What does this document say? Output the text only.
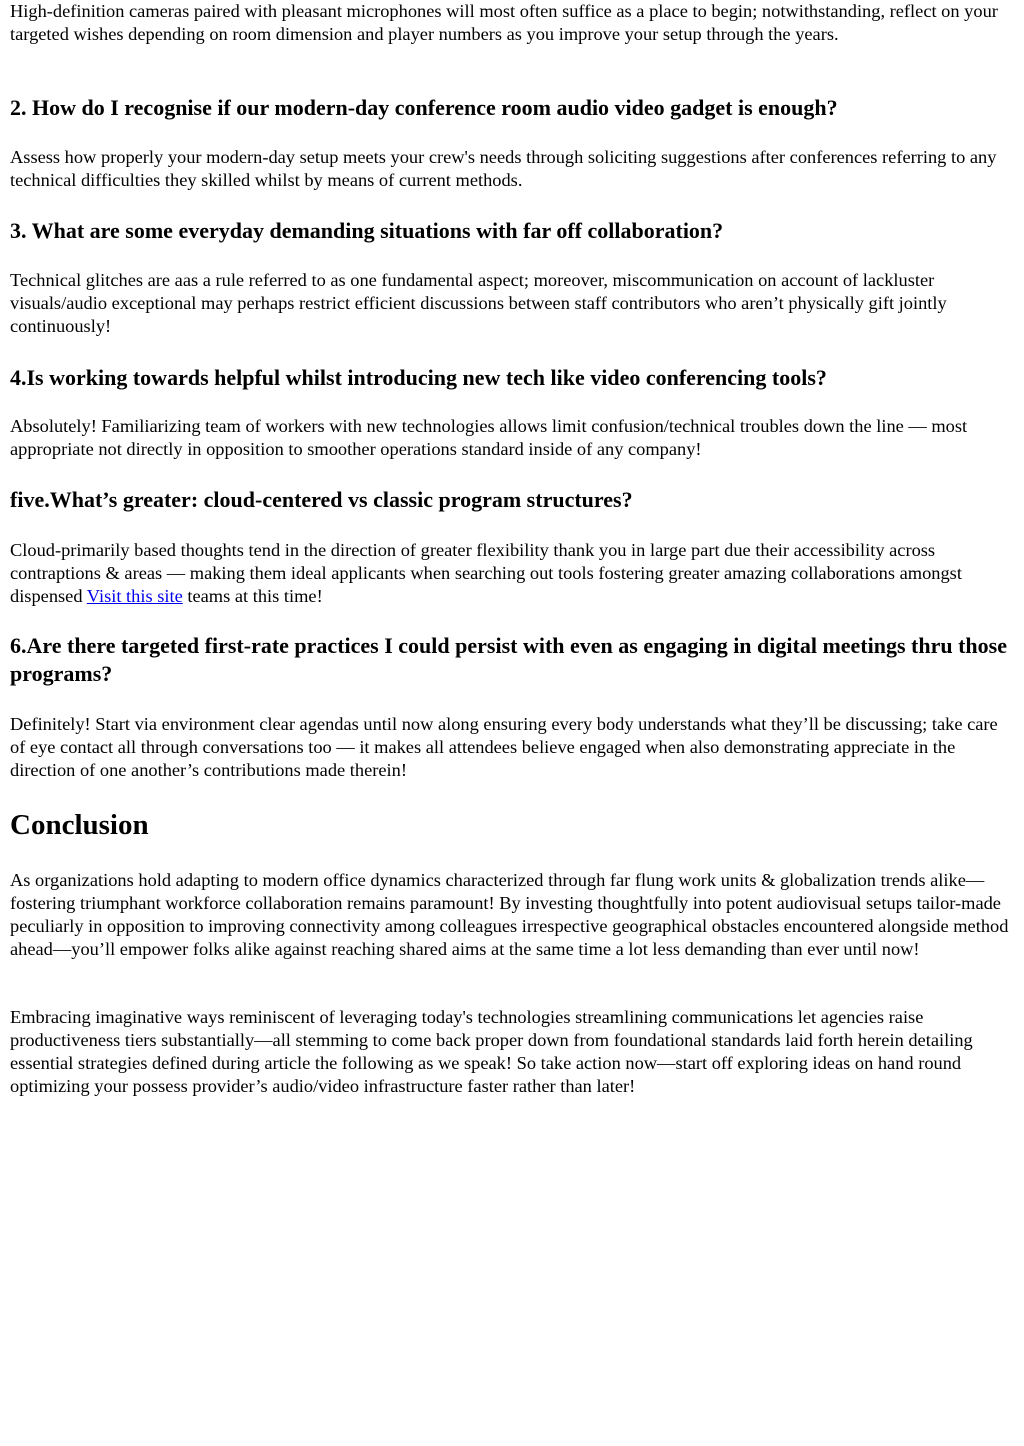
High-definition cameras paired with pleasant microphones will most often suffice as a place to begin; notwithstanding, reflect on your targeted wishes depending on room dimension and player numbers as you improve your setup through the years.

2. How do I recognise if our modern-day conference room audio video gadget is enough?

Assess how properly your modern-day setup meets your crew's needs through soliciting suggestions after conferences referring to any technical difficulties they skilled whilst by means of current methods.

3. What are some everyday demanding situations with far off collaboration?

Technical glitches are aas a rule referred to as one fundamental aspect; moreover, miscommunication on account of lackluster visuals/audio exceptional may perhaps restrict efficient discussions between staff contributors who aren’t physically gift jointly continuously!

4.Is working towards helpful whilst introducing new tech like video conferencing tools?

Absolutely! Familiarizing team of workers with new technologies allows limit confusion/technical troubles down the line — most appropriate not directly in opposition to smoother operations standard inside of any company!

five.What’s greater: cloud-centered vs classic program structures?

Cloud-primarily based thoughts tend in the direction of greater flexibility thank you in large part due their accessibility across contraptions & areas — making them ideal applicants when searching out tools fostering greater amazing collaborations amongst dispensed Visit this site teams at this time!

6.Are there targeted first-rate practices I could persist with even as engaging in digital meetings thru those programs?

Definitely! Start via environment clear agendas until now along ensuring every body understands what they’ll be discussing; take care of eye contact all through conversations too — it makes all attendees believe engaged when also demonstrating appreciate in the direction of one another’s contributions made therein!

Conclusion

As organizations hold adapting to modern office dynamics characterized through far flung work units & globalization trends alike—fostering triumphant workforce collaboration remains paramount! By investing thoughtfully into potent audiovisual setups tailor-made peculiarly in opposition to improving connectivity among colleagues irrespective geographical obstacles encountered alongside method ahead—you’ll empower folks alike against reaching shared aims at the same time a lot less demanding than ever until now!

Embracing imaginative ways reminiscent of leveraging today's technologies streamlining communications let agencies raise productiveness tiers substantially—all stemming to come back proper down from foundational standards laid forth herein detailing essential strategies defined during article the following as we speak! So take action now—start off exploring ideas on hand round optimizing your possess provider’s audio/video infrastructure faster rather than later!
